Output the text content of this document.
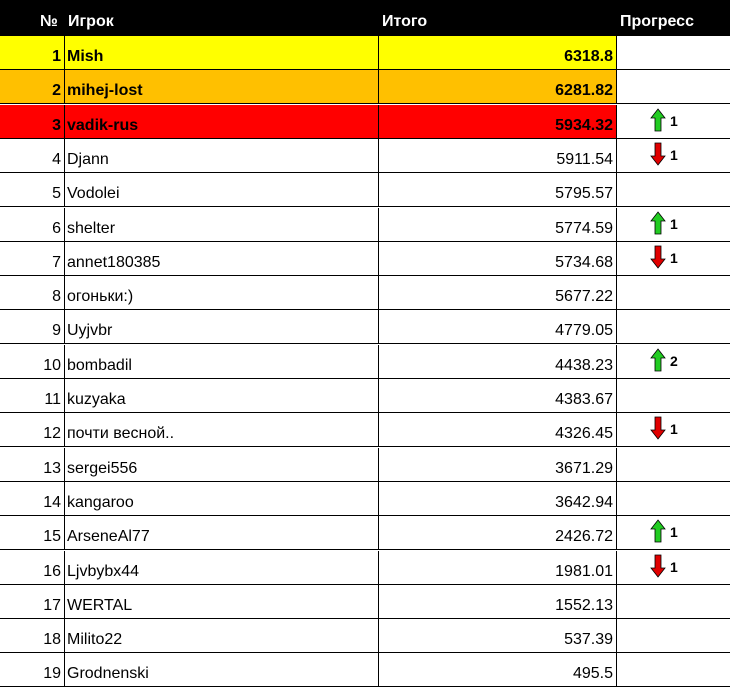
№ Игрок	Итого	Прогресс
1 Mish	6318.8
2 mihej-lost	6281.82
3 vadik-rus	5934.32	1
4 Djann	5911.54	1
5 Vodolei	5795.57
6 shelter	5774.59	1
7 annet180385	5734.68	1
8 огоньки:)	5677.22
9 Uyjvbr	4779.05
10 bombadil	4438.23	2
11 kuzyaka	4383.67
12 почти весной..	4326.45	1
13 sergei556	3671.29
14 kangaroo	3642.94
15 ArseneAl77	2426.72	1
16 Ljvbybx44	1981.01	1
17 WERTAL	1552.13
18 Milito22	537.39
19 Grodnenski	495.5
